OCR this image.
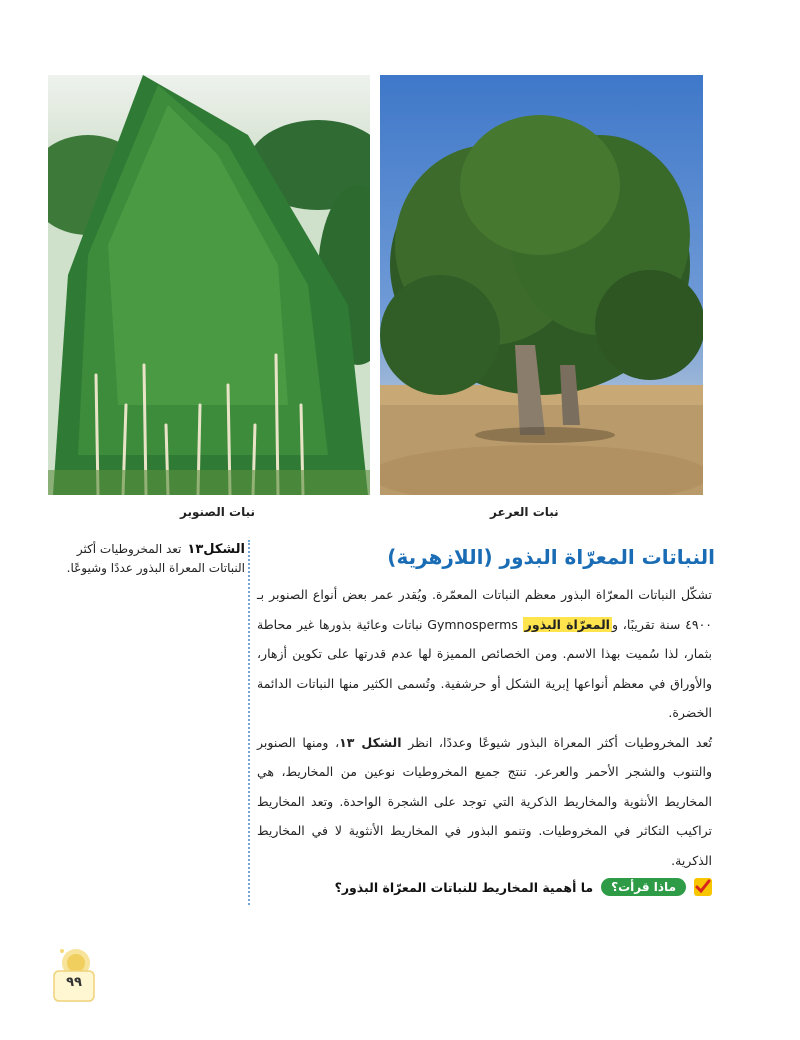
نبات الصنوبر	نبات العرعر
الشكل١٣تعد المخروطيات أكثر النباتات المعراة البذور عددًا وشيوعًا.	النباتات المعرّاة البذور (اللازهرية)

تشكّل النباتات المعرّاة البذور معظم النباتات المعمّرة. ويُقدر عمر بعض أنواع الصنوبر بـ ٤٩٠٠ سنة تقريبًا، والمعرّاة البذور Gymnosperms نباتات وعائية بذورها غير محاطة بثمار، لذا سُميت بهذا الاسم. ومن الخصائص المميزة لها عدم قدرتها على تكوين أزهار، والأوراق في معظم أنواعها إبرية الشكل أو حرشفية. وتُسمى الكثير منها النباتات الدائمة الخضرة.

تُعد المخروطيات أكثر المعراة البذور شيوعًا وعددًا، انظر الشكل ١٣، ومنها الصنوبر والتنوب والشجر الأحمر والعرعر. تنتج جميع المخروطيات نوعين من المخاريط، هي المخاريط الأنثوية والمخاريط الذكرية التي توجد على الشجرة الواحدة. وتعد المخاريط تراكيب التكاثر في المخروطيات. وتنمو البذور في المخاريط الأنثوية لا في المخاريط الذكرية.

ماذا قرأت؟
ما أهمية المخاريط للنباتات المعرّاة البذور؟
٩٩
